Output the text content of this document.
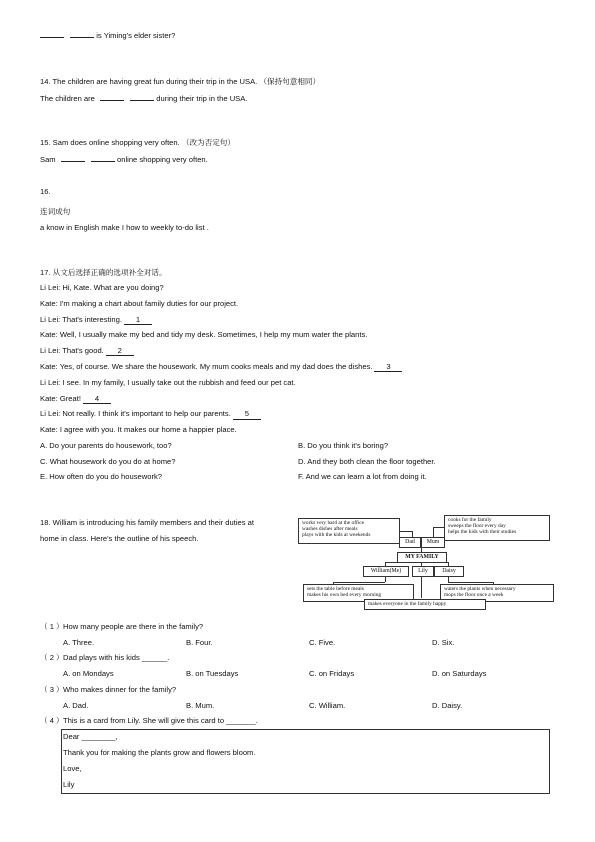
is Yiming's elder sister?
14. The children are having great fun during their trip in the USA. （保持句意相同）
The children are	during their trip in the USA.
15. Sam does online shopping very often. （改为否定句）
Sam	online shopping very often.
16.
连词成句
a know in English make I how to weekly to-do list .
17. 从文后选择正确的选项补全对话。
Li Lei: Hi, Kate. What are you doing?
Kate: I'm making a chart about family duties for our project.
Li Lei: That's interesting. 1
Kate: Well, I usually make my bed and tidy my desk. Sometimes, I help my mum water the plants.
Li Lei: That's good. 2
Kate: Yes, of course. We share the housework. My mum cooks meals and my dad does the dishes. 3
Li Lei: I see. In my family, I usually take out the rubbish and feed our pet cat.
Kate: Great! 4
Li Lei: Not really. I think it's important to help our parents. 5
Kate: I agree with you. It makes our home a happier place.
A. Do your parents do housework, too?	B. Do you think it's boring?
C. What housework do you do at home?	D. And they both clean the floor together.
E. How often do you do housework?	F. And we can learn a lot from doing it.
18. William is introducing his family members and their duties at
home in class. Here's the outline of his speech.
works very hard at the office
washes dishes after meals
plays with the kids at weekends
cooks for the family
sweeps the floor every day
helps the kids with their studies
Dad	Mum
MY FAMILY
William(Me)	Lily	Daisy
sets the table before meals
makes his own bed every morning
waters the plants when necessary
mops the floor once a week
makes everyone in the family happy
（ 1 ） How many people are there in the family?
A. Three.	B. Four.	C. Five.	D. Six.
（ 2 ） Dad plays with his kids ______.
A. on Mondays	B. on Tuesdays	C. on Fridays	D. on Saturdays
（ 3 ） Who makes dinner for the family?
A. Dad.	B. Mum.	C. William.	D. Daisy.
（ 4 ） This is a card from Lily. She will give this card to _______.
Dear ________,
Thank you for making the plants grow and flowers bloom.
Love,
Lily
